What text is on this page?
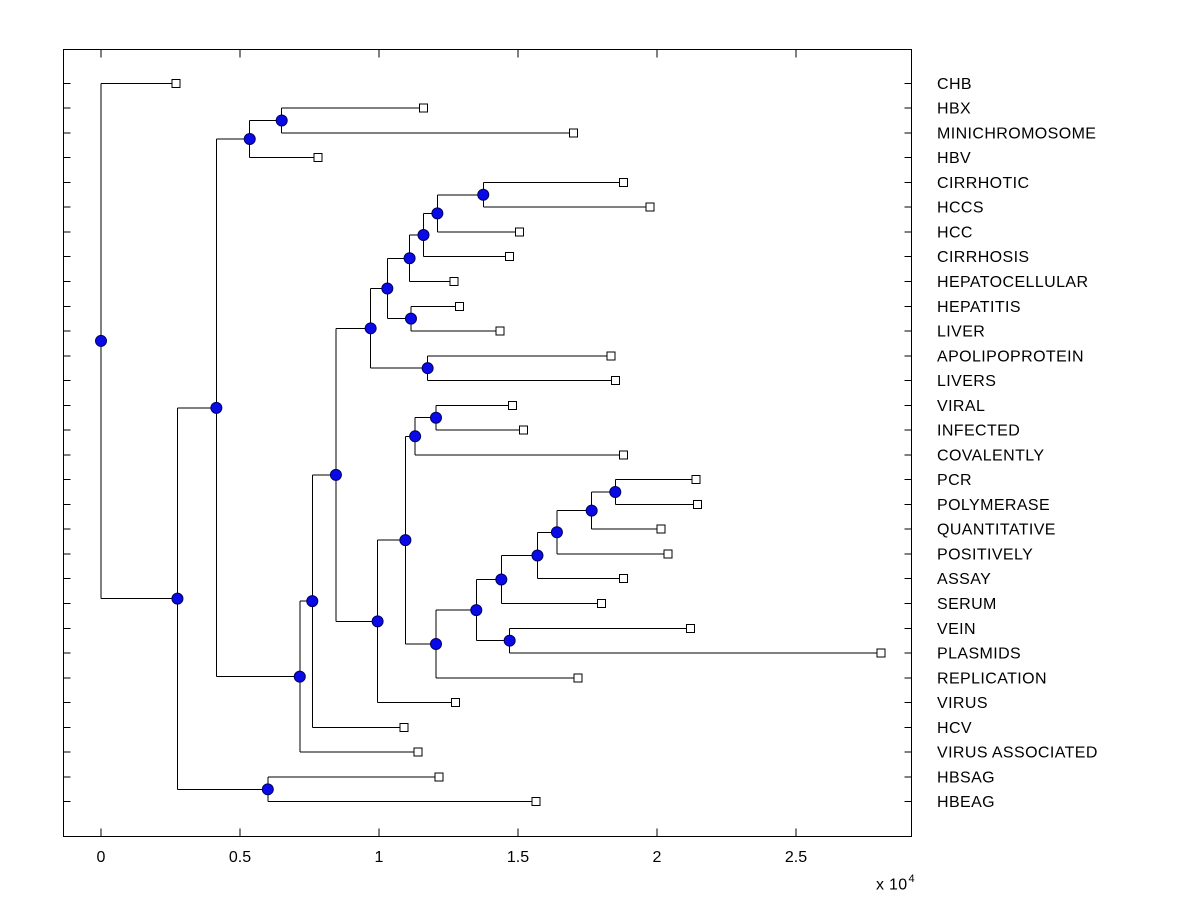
0	0.5	1	1.5	2	2.5
CHB
HBX
MINICHROMOSOME
HBV
CIRRHOTIC
HCCS
HCC
CIRRHOSIS
HEPATOCELLULAR
HEPATITIS
LIVER
APOLIPOPROTEIN
LIVERS
VIRAL
INFECTED
COVALENTLY
PCR
POLYMERASE
QUANTITATIVE
POSITIVELY
ASSAY
SERUM
VEIN
PLASMIDS
REPLICATION
VIRUS
HCV
VIRUS ASSOCIATED
HBSAG
HBEAG
x $10^4$
